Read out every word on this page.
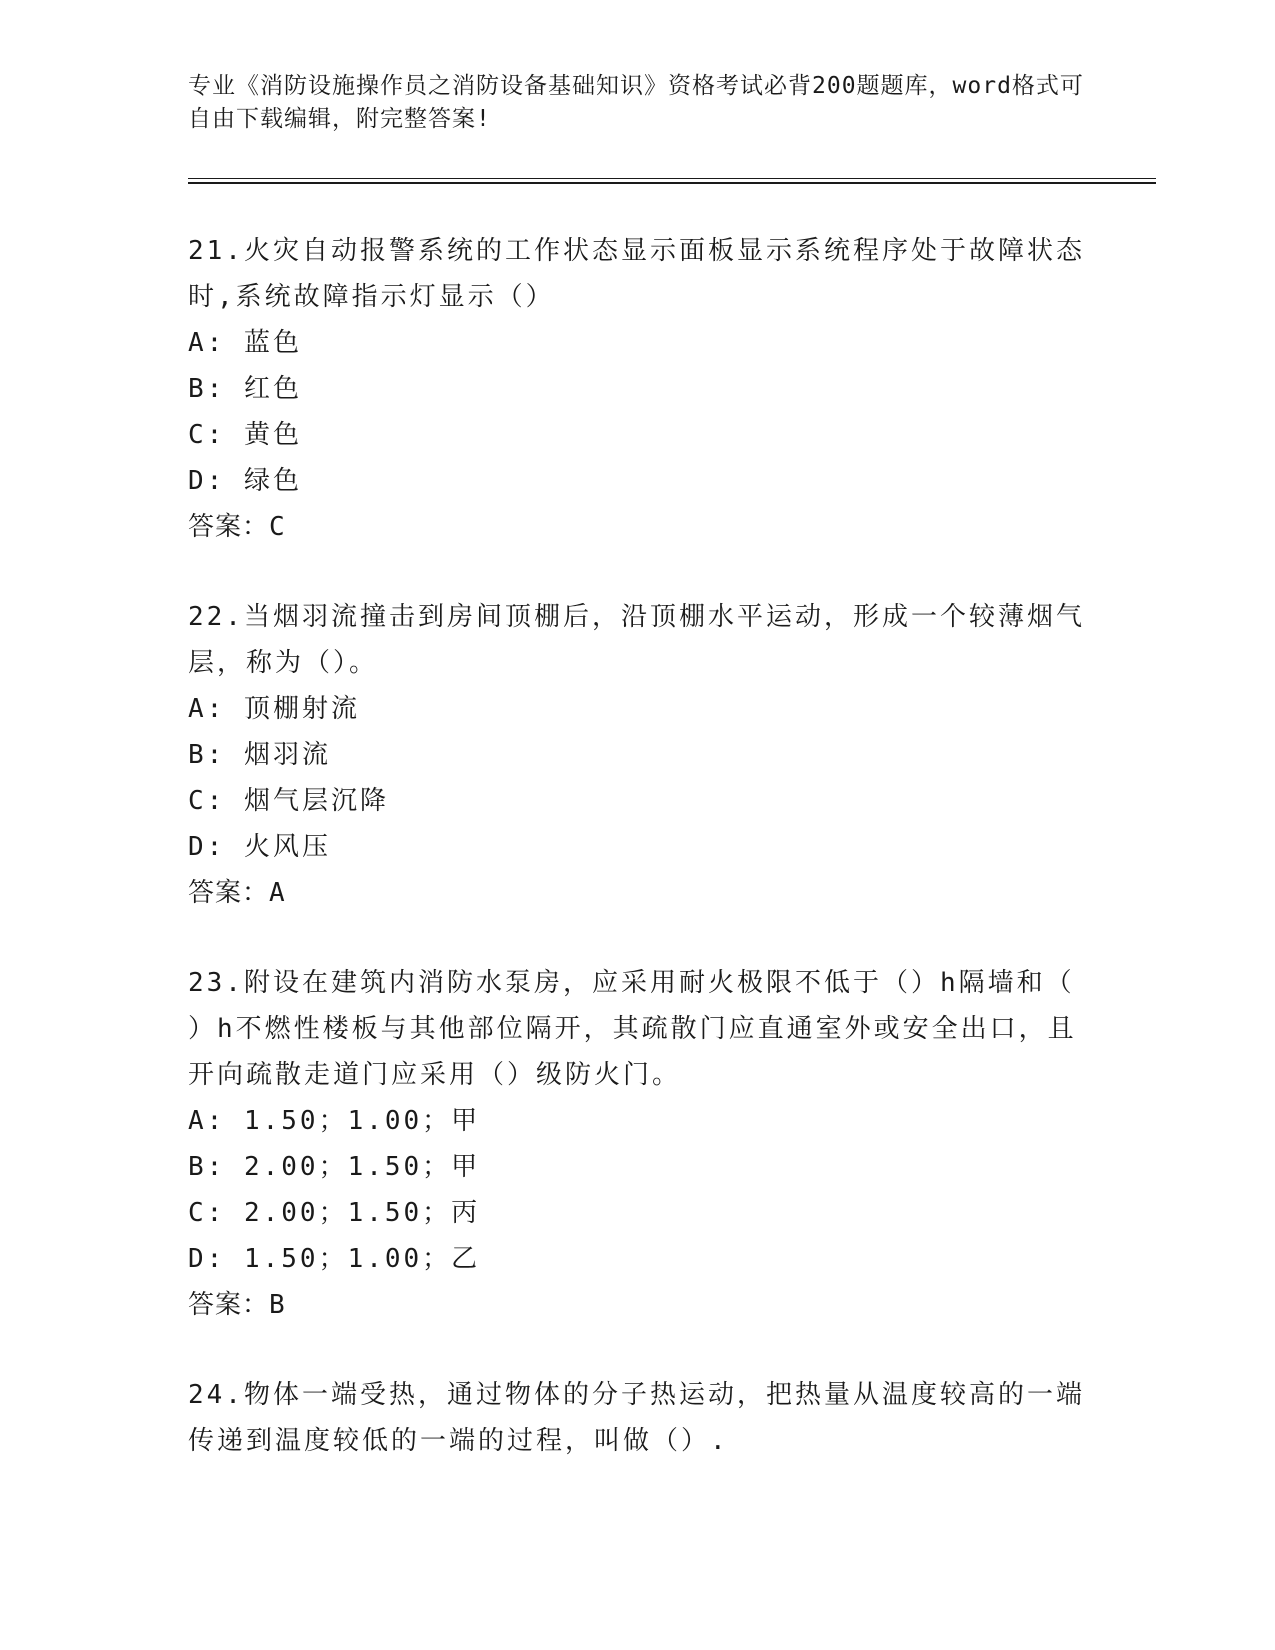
专业《消防设施操作员之消防设备基础知识》资格考试必背200题题库，word格式可自由下载编辑，附完整答案!
21.火灾自动报警系统的工作状态显示面板显示系统程序处于故障状态
时,系统故障指示灯显示（）
A: 蓝色
B: 红色
C: 黄色
D: 绿色
答案：C
22.当烟羽流撞击到房间顶棚后，沿顶棚水平运动，形成一个较薄烟气
层，称为（）。
A: 顶棚射流
B: 烟羽流
C: 烟气层沉降
D: 火风压
答案：A
23.附设在建筑内消防水泵房，应采用耐火极限不低于（）h隔墙和（
）h不燃性楼板与其他部位隔开，其疏散门应直通室外或安全出口，且
开向疏散走道门应采用（）级防火门。
A: 1.50；1.00；甲
B: 2.00；1.50；甲
C: 2.00；1.50；丙
D: 1.50；1.00；乙
答案：B
24.物体一端受热，通过物体的分子热运动，把热量从温度较高的一端
传递到温度较低的一端的过程，叫做（）.
